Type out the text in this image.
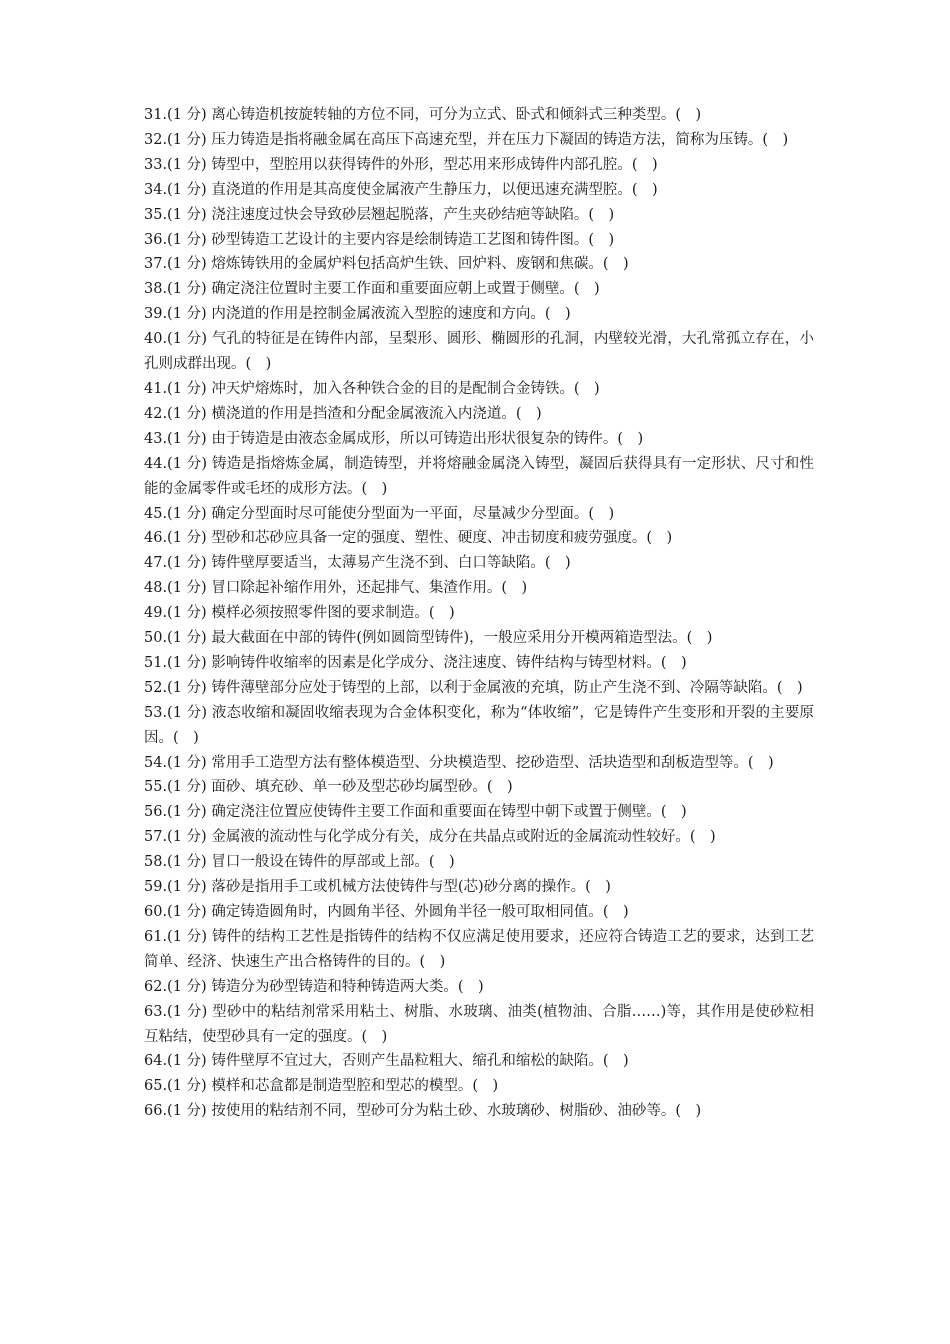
31.(1 分) 离心铸造机按旋转轴的方位不同，可分为立式、卧式和倾斜式三种类型。(　)
32.(1 分) 压力铸造是指将融金属在高压下高速充型，并在压力下凝固的铸造方法，简称为压铸。(　)
33.(1 分) 铸型中，型腔用以获得铸件的外形，型芯用来形成铸件内部孔腔。(　)
34.(1 分) 直浇道的作用是其高度使金属液产生静压力，以便迅速充满型腔。(　)
35.(1 分) 浇注速度过快会导致砂层翘起脱落，产生夹砂结疤等缺陷。(　)
36.(1 分) 砂型铸造工艺设计的主要内容是绘制铸造工艺图和铸件图。(　)
37.(1 分) 熔炼铸铁用的金属炉料包括高炉生铁、回炉料、废钢和焦碳。(　)
38.(1 分) 确定浇注位置时主要工作面和重要面应朝上或置于侧壁。(　)
39.(1 分) 内浇道的作用是控制金属液流入型腔的速度和方向。(　)
40.(1 分) 气孔的特征是在铸件内部，呈梨形、圆形、椭圆形的孔洞，内壁较光滑，大孔常孤立存在，小孔则成群出现。(　)
41.(1 分) 冲天炉熔炼时，加入各种铁合金的目的是配制合金铸铁。(　)
42.(1 分) 横浇道的作用是挡渣和分配金属液流入内浇道。(　)
43.(1 分) 由于铸造是由液态金属成形，所以可铸造出形状很复杂的铸件。(　)
44.(1 分) 铸造是指熔炼金属，制造铸型，并将熔融金属浇入铸型，凝固后获得具有一定形状、尺寸和性能的金属零件或毛坯的成形方法。(　)
45.(1 分) 确定分型面时尽可能使分型面为一平面，尽量减少分型面。(　)
46.(1 分) 型砂和芯砂应具备一定的强度、塑性、硬度、冲击韧度和疲劳强度。(　)
47.(1 分) 铸件壁厚要适当，太薄易产生浇不到、白口等缺陷。(　)
48.(1 分) 冒口除起补缩作用外，还起排气、集渣作用。(　)
49.(1 分) 模样必须按照零件图的要求制造。(　)
50.(1 分) 最大截面在中部的铸件(例如圆筒型铸件)，一般应采用分开模两箱造型法。(　)
51.(1 分) 影响铸件收缩率的因素是化学成分、浇注速度、铸件结构与铸型材料。(　)
52.(1 分) 铸件薄壁部分应处于铸型的上部，以利于金属液的充填，防止产生浇不到、冷隔等缺陷。(　)
53.(1 分) 液态收缩和凝固收缩表现为合金体积变化，称为“体收缩”，它是铸件产生变形和开裂的主要原因。(　)
54.(1 分) 常用手工造型方法有整体模造型、分块模造型、挖砂造型、活块造型和刮板造型等。(　)
55.(1 分) 面砂、填充砂、单一砂及型芯砂均属型砂。(　)
56.(1 分) 确定浇注位置应使铸件主要工作面和重要面在铸型中朝下或置于侧壁。(　)
57.(1 分) 金属液的流动性与化学成分有关，成分在共晶点或附近的金属流动性较好。(　)
58.(1 分) 冒口一般设在铸件的厚部或上部。(　)
59.(1 分) 落砂是指用手工或机械方法使铸件与型(芯)砂分离的操作。(　)
60.(1 分) 确定铸造圆角时，内圆角半径、外圆角半径一般可取相同值。(　)
61.(1 分) 铸件的结构工艺性是指铸件的结构不仅应满足使用要求，还应符合铸造工艺的要求，达到工艺简单、经济、快速生产出合格铸件的目的。(　)
62.(1 分) 铸造分为砂型铸造和特种铸造两大类。(　)
63.(1 分) 型砂中的粘结剂常采用粘土、树脂、水玻璃、油类(植物油、合脂……)等，其作用是使砂粒相互粘结，使型砂具有一定的强度。(　)
64.(1 分) 铸件壁厚不宜过大，否则产生晶粒粗大、缩孔和缩松的缺陷。(　)
65.(1 分) 模样和芯盒都是制造型腔和型芯的模型。(　)
66.(1 分) 按使用的粘结剂不同，型砂可分为粘土砂、水玻璃砂、树脂砂、油砂等。(　)
